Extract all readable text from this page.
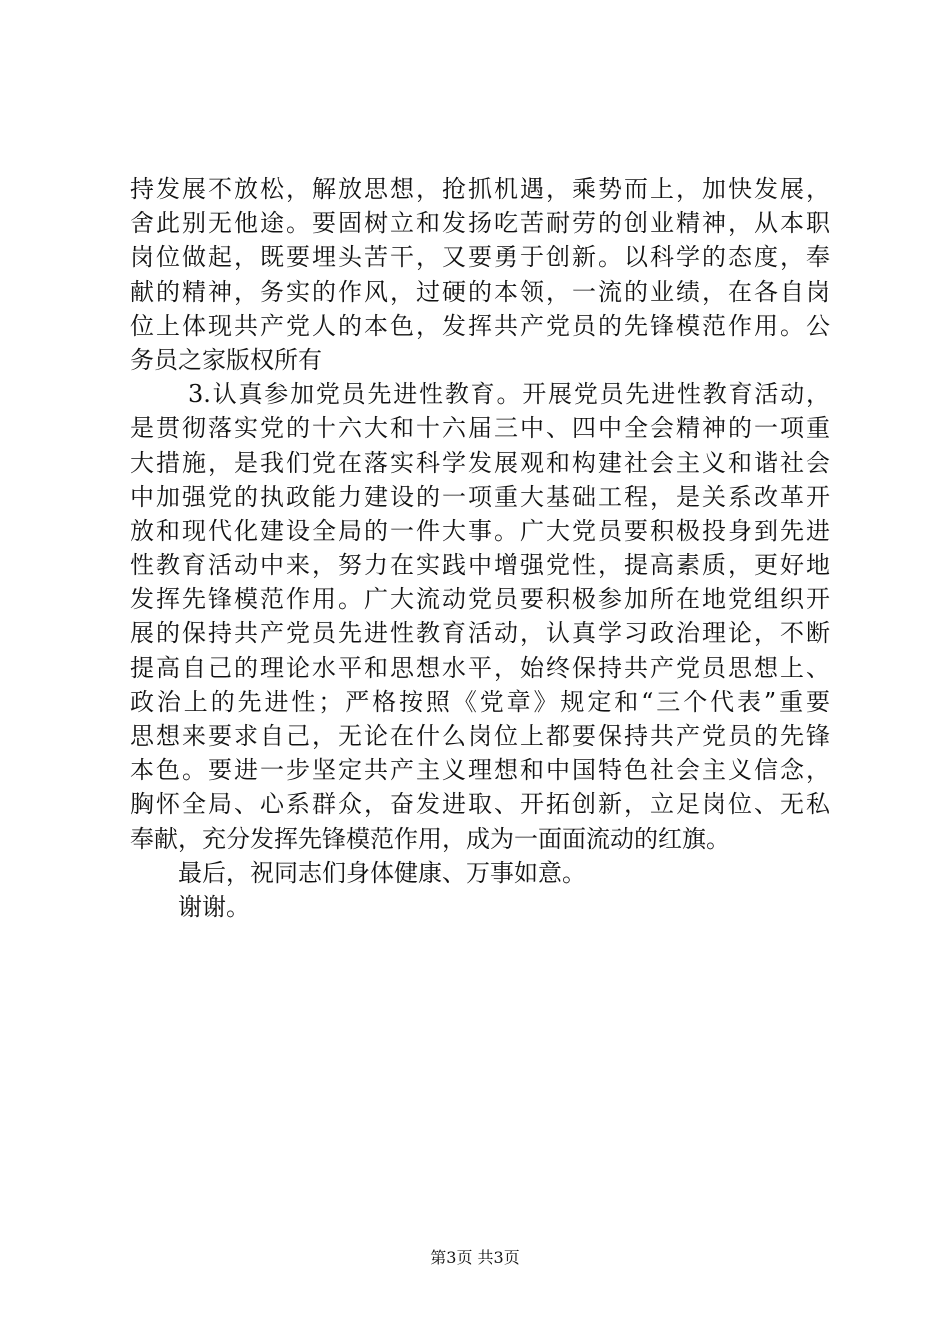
持发展不放松，解放思想，抢抓机遇，乘势而上，加快发展，
舍此别无他途。要固树立和发扬吃苦耐劳的创业精神，从本职
岗位做起，既要埋头苦干，又要勇于创新。以科学的态度，奉
献的精神，务实的作风，过硬的本领，一流的业绩，在各自岗
位上体现共产党人的本色，发挥共产党员的先锋模范作用。公
务员之家版权所有
3.认真参加党员先进性教育。开展党员先进性教育活动，
是贯彻落实党的十六大和十六届三中、四中全会精神的一项重
大措施，是我们党在落实科学发展观和构建社会主义和谐社会
中加强党的执政能力建设的一项重大基础工程，是关系改革开
放和现代化建设全局的一件大事。广大党员要积极投身到先进
性教育活动中来，努力在实践中增强党性，提高素质，更好地
发挥先锋模范作用。广大流动党员要积极参加所在地党组织开
展的保持共产党员先进性教育活动，认真学习政治理论，不断
提高自己的理论水平和思想水平，始终保持共产党员思想上、
政治上的先进性；严格按照《党章》规定和“三个代表”重要
思想来要求自己，无论在什么岗位上都要保持共产党员的先锋
本色。要进一步坚定共产主义理想和中国特色社会主义信念，
胸怀全局、心系群众，奋发进取、开拓创新，立足岗位、无私
奉献，充分发挥先锋模范作用，成为一面面流动的红旗。
最后，祝同志们身体健康、万事如意。
谢谢。
第3页 共3页
